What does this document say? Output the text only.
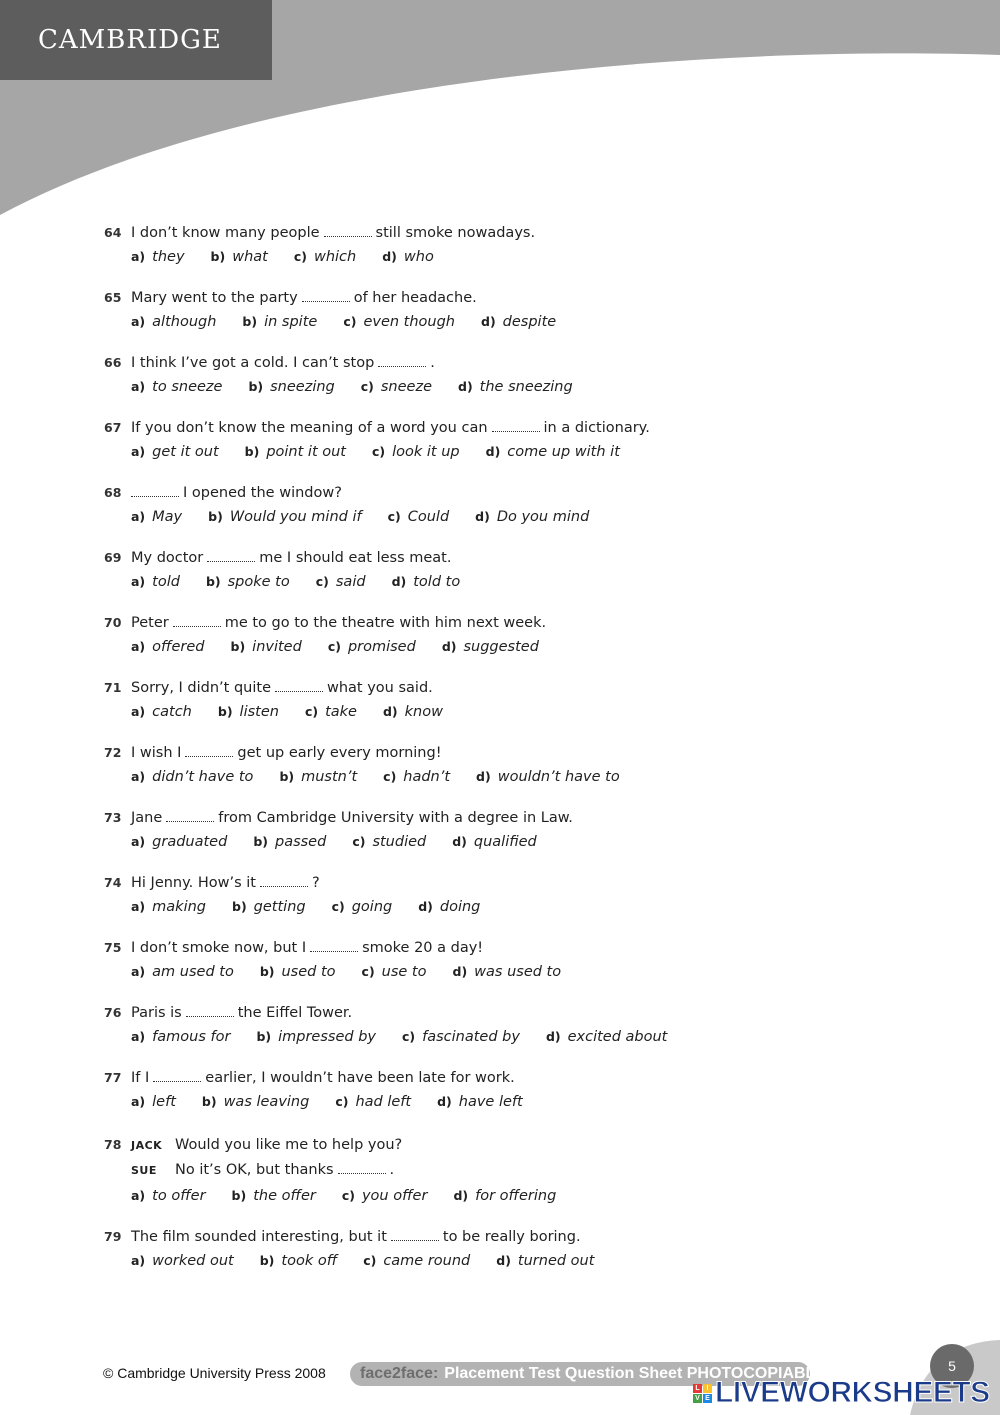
CAMBRIDGE
64 I don’t know many people	still smoke nowadays.
a) they b) what c) which d) who
65 Mary went to the party	of her headache.
a) although b) in spite c) even though d) despite
66 I think I’ve got a cold. I can’t stop	.
a) to sneeze b) sneezing c) sneeze d) the sneezing
67 If you don’t know the meaning of a word you can	in a dictionary.
a) get it out b) point it out c) look it up d) come up with it
68	I opened the window?
a) May b) Would you mind if c) Could d) Do you mind
69 My doctor	me I should eat less meat.
a) told b) spoke to c) said d) told to
70 Peter	me to go to the theatre with him next week.
a) offered b) invited c) promised d) suggested
71 Sorry, I didn’t quite	what you said.
a) catch b) listen c) take d) know
72 I wish I	get up early every morning!
a) didn’t have to b) mustn’t c) hadn’t d) wouldn’t have to
73 Jane	from Cambridge University with a degree in Law.
a) graduated b) passed c) studied d) qualified
74 Hi Jenny. How’s it	?
a) making b) getting c) going d) doing
75 I don’t smoke now, but I	smoke 20 a day!
a) am used to b) used to c) use to d) was used to
76 Paris is	the Eiffel Tower.
a) famous for b) impressed by c) fascinated by d) excited about
77 If I	earlier, I wouldn’t have been late for work.
a) left b) was leaving c) had left d) have left
78 JACK Would you like me to help you?
SUE	No it’s OK, but thanks	.
a) to offer b) the offer c) you offer d) for offering
79 The film sounded interesting, but it	to be really boring.
a) worked out b) took off c) came round d) turned out
© Cambridge University Press 2008 face2face: Placement Test Question Sheet PHOTOCOPIABLE	5
L I
V E LIVEWORKSHEETS
